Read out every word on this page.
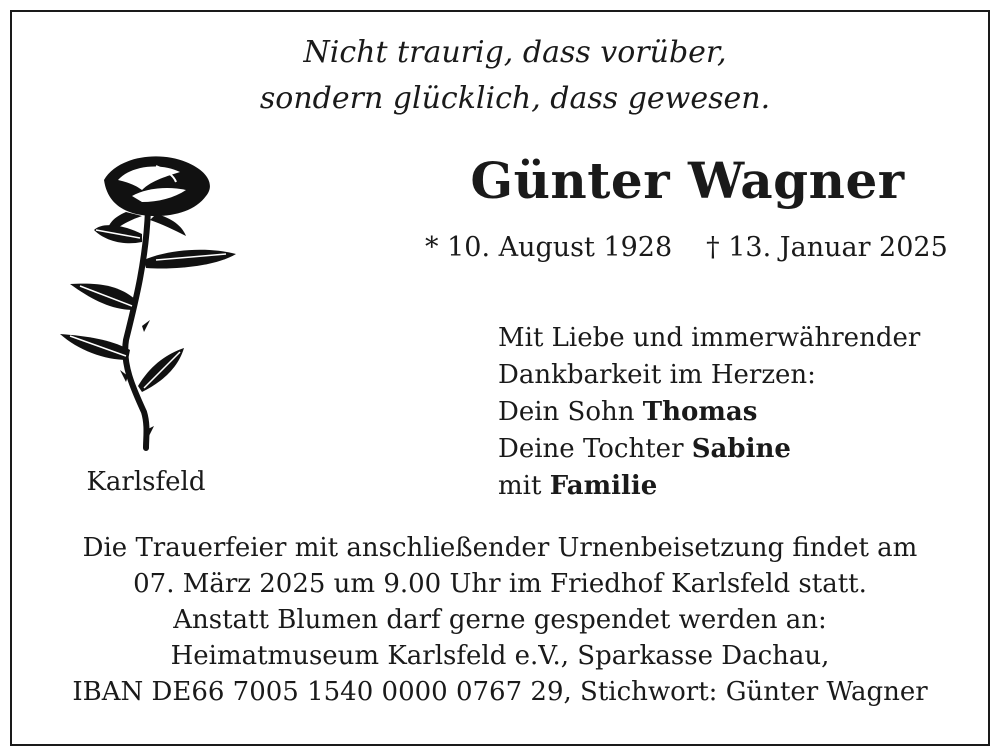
Nicht traurig, dass vorüber,
sondern glücklich, dass gewesen.
Günter Wagner
* 10. August 1928 † 13. Januar 2025
Karlsfeld
Mit Liebe und immerwährender
Dankbarkeit im Herzen:
Dein Sohn Thomas
Deine Tochter Sabine
mit Familie
Die Trauerfeier mit anschließender Urnenbeisetzung findet am
07. März 2025 um 9.00 Uhr im Friedhof Karlsfeld statt.
Anstatt Blumen darf gerne gespendet werden an:
Heimatmuseum Karlsfeld e.V., Sparkasse Dachau,
IBAN DE66 7005 1540 0000 0767 29, Stichwort: Günter Wagner
